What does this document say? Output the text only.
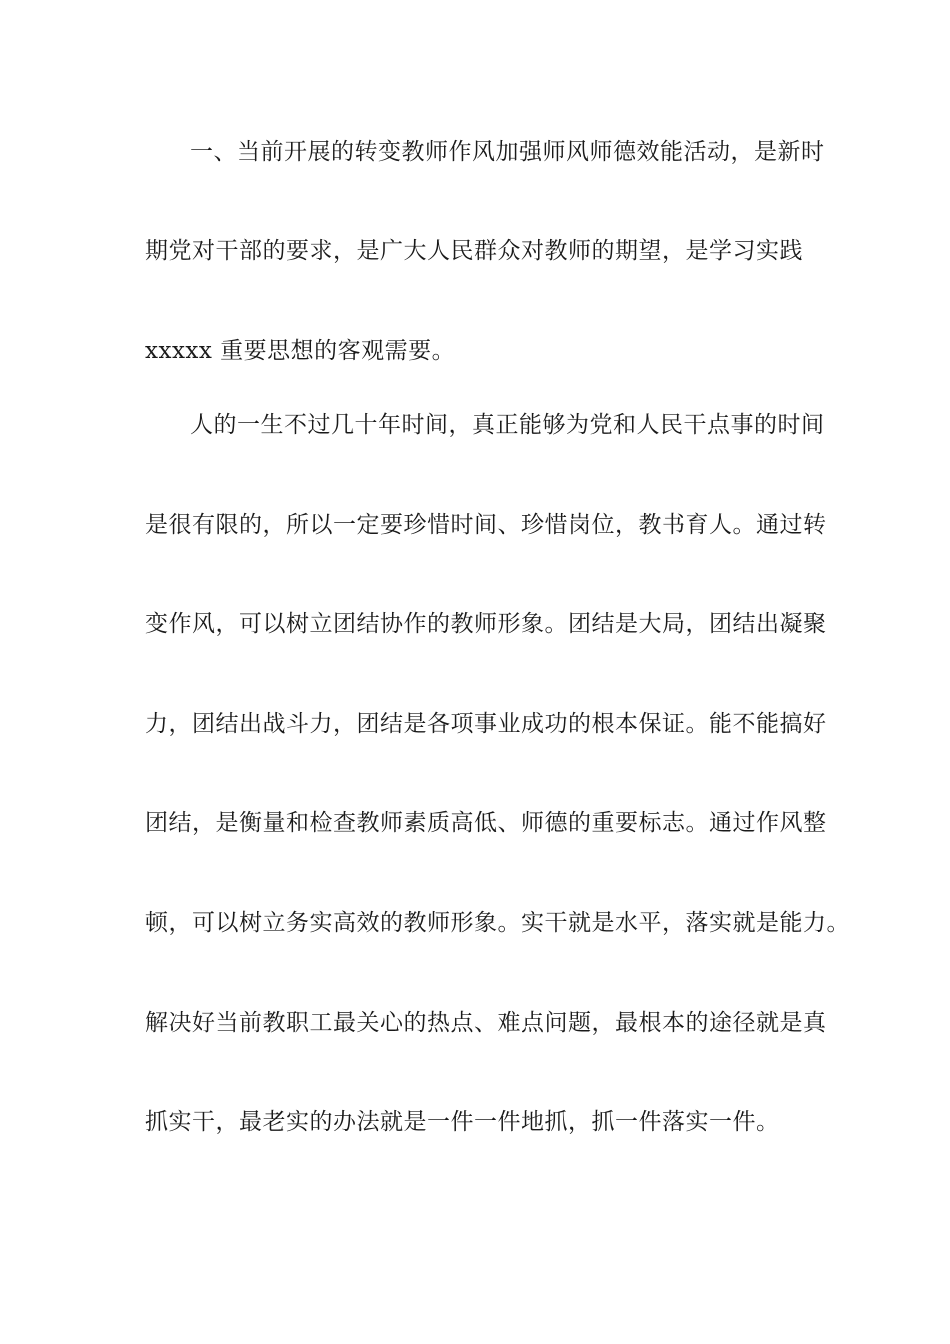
一、当前开展的转变教师作风加强师风师德效能活动，是新时
期党对干部的要求，是广大人民群众对教师的期望，是学习实践
xxxxx 重要思想的客观需要。
人的一生不过几十年时间，真正能够为党和人民干点事的时间
是很有限的，所以一定要珍惜时间、珍惜岗位，教书育人。通过转
变作风，可以树立团结协作的教师形象。团结是大局，团结出凝聚
力，团结出战斗力，团结是各项事业成功的根本保证。能不能搞好
团结，是衡量和检查教师素质高低、师德的重要标志。通过作风整
顿，可以树立务实高效的教师形象。实干就是水平，落实就是能力。
解决好当前教职工最关心的热点、难点问题，最根本的途径就是真
抓实干，最老实的办法就是一件一件地抓，抓一件落实一件。
